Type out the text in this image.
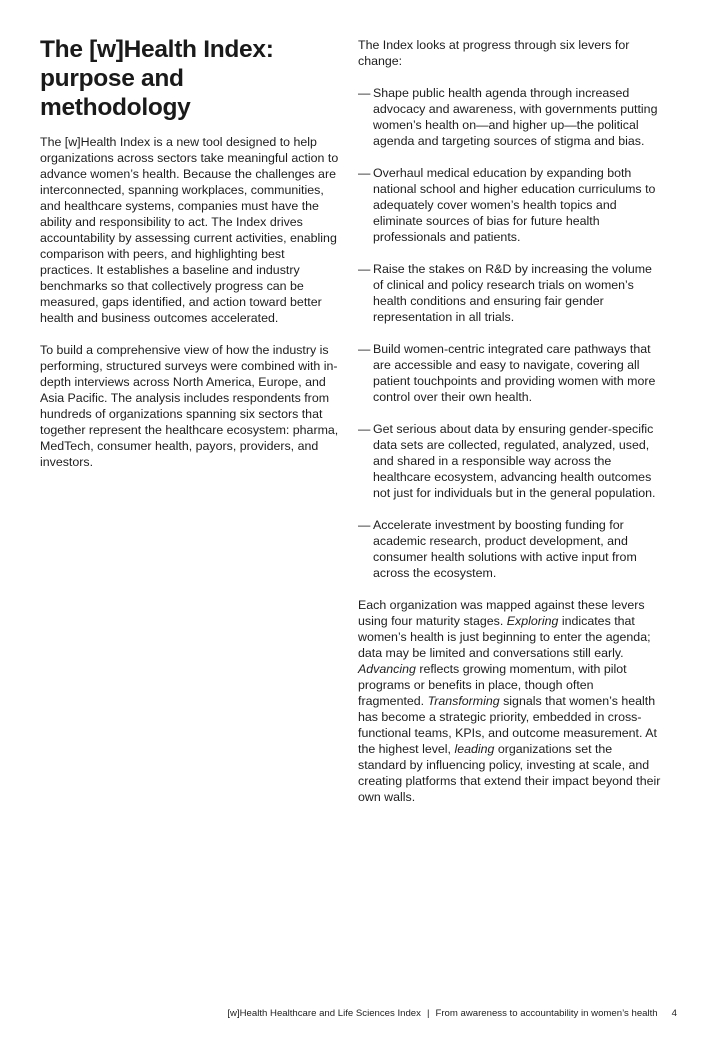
The [w]Health Index: purpose and methodology

The [w]Health Index is a new tool designed to help organizations across sectors take meaningful action to advance women’s health. Because the challenges are interconnected, spanning workplaces, communities, and healthcare systems, companies must have the ability and responsibility to act. The Index drives accountability by assessing current activities, enabling comparison with peers, and highlighting best practices. It establishes a baseline and industry benchmarks so that collectively progress can be measured, gaps identified, and action toward better health and business outcomes accelerated.

To build a comprehensive view of how the industry is performing, structured surveys were combined with in-depth interviews across North America, Europe, and Asia Pacific. The analysis includes respondents from hundreds of organizations spanning six sectors that together represent the healthcare ecosystem: pharma, MedTech, consumer health, payors, providers, and investors.

The Index looks at progress through six levers for change:

— Shape public health agenda through increased advocacy and awareness, with governments putting women’s health on—and higher up—the political agenda and targeting sources of stigma and bias.
— Overhaul medical education by expanding both national school and higher education curriculums to adequately cover women’s health topics and eliminate sources of bias for future health professionals and patients.
— Raise the stakes on R&D by increasing the volume of clinical and policy research trials on women’s health conditions and ensuring fair gender representation in all trials.
— Build women-centric integrated care pathways that are accessible and easy to navigate, covering all patient touchpoints and providing women with more control over their own health.
— Get serious about data by ensuring gender-specific data sets are collected, regulated, analyzed, used, and shared in a responsible way across the healthcare ecosystem, advancing health outcomes not just for individuals but in the general population.
— Accelerate investment by boosting funding for academic research, product development, and consumer health solutions with active input from across the ecosystem.

Each organization was mapped against these levers using four maturity stages. Exploring indicates that women’s health is just beginning to enter the agenda; data may be limited and conversations still early. Advancing reflects growing momentum, with pilot programs or benefits in place, though often fragmented. Transforming signals that women’s health has become a strategic priority, embedded in cross-functional teams, KPIs, and outcome measurement. At the highest level, leading organizations set the standard by influencing policy, investing at scale, and creating platforms that extend their impact beyond their own walls.

[w]Health Healthcare and Life Sciences Index | From awareness to accountability in women’s health 4
